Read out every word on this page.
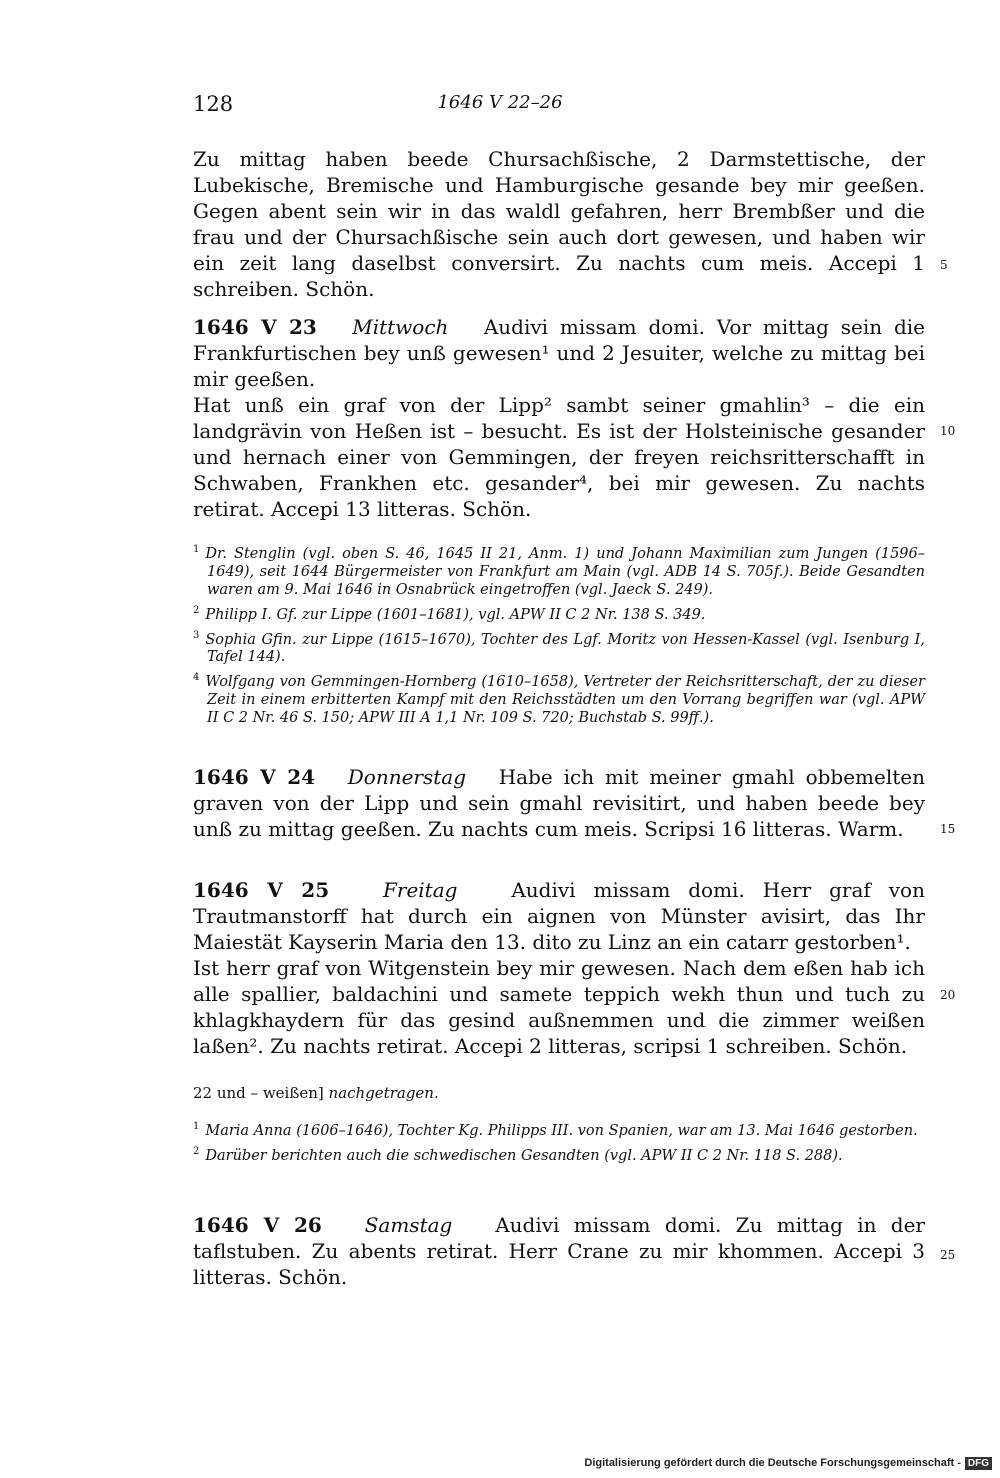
128	1646 V 22–26

Zu mittag haben beede Chursachßische, 2 Darmstettische, der Lubekische, Bremische und Hamburgische gesande bey mir geeßen. Gegen abent sein wir in das waldl gefahren, herr Brembßer und die frau und der Chursachßische sein auch dort gewesen, und haben wir ein zeit lang daselbst conversirt. Zu nachts cum meis. Accepi 1 schreiben. Schön.

1646 V 23 Mittwoch Audivi missam domi. Vor mittag sein die Frankfurtischen bey unß gewesen¹ und 2 Jesuiter, welche zu mittag bei mir geeßen.

Hat unß ein graf von der Lipp² sambt seiner gmahlin³ – die ein landgrävin von Heßen ist – besucht. Es ist der Holsteinische gesander und hernach einer von Gemmingen, der freyen reichsritterschafft in Schwaben, Frankhen etc. gesander⁴, bei mir gewesen. Zu nachts retirat. Accepi 13 litteras. Schön.

$^1$ Dr. Stenglin (vgl. oben S. 46, 1645 II 21, Anm. 1) und Johann Maximilian zum Jungen (1596–1649), seit 1644 Bürgermeister von Frankfurt am Main (vgl. ADB 14 S. 705f.). Beide Gesandten waren am 9. Mai 1646 in Osnabrück eingetroffen (vgl. Jaeck S. 249).

$^2$ Philipp I. Gf. zur Lippe (1601–1681), vgl. APW II C 2 Nr. 138 S. 349.

$^3$ Sophia Gfin. zur Lippe (1615–1670), Tochter des Lgf. Moritz von Hessen-Kassel (vgl. Isenburg I, Tafel 144).

$^4$ Wolfgang von Gemmingen-Hornberg (1610–1658), Vertreter der Reichsritterschaft, der zu dieser Zeit in einem erbitterten Kampf mit den Reichsstädten um den Vorrang begriffen war (vgl. APW II C 2 Nr. 46 S. 150; APW III A 1,1 Nr. 109 S. 720; Buchstab S. 99ff.).

1646 V 24 Donnerstag Habe ich mit meiner gmahl obbemelten graven von der Lipp und sein gmahl revisitirt, und haben beede bey unß zu mittag geeßen. Zu nachts cum meis. Scripsi 16 litteras. Warm.

1646 V 25	Freitag	Audivi missam domi. Herr graf von Trautmanstorff hat durch ein aignen von Münster avisirt, das Ihr Maiestät Kayserin Maria den 13. dito zu Linz an ein catarr gestorben¹.

Ist herr graf von Witgenstein bey mir gewesen. Nach dem eßen hab ich alle spallier, baldachini und samete teppich wekh thun und tuch zu khlagkhaydern für das gesind außnemmen und die zimmer weißen laßen². Zu nachts retirat. Accepi 2 litteras, scripsi 1 schreiben. Schön.

22 und – weißen] nachgetragen.

$^1$ Maria Anna (1606–1646), Tochter Kg. Philipps III. von Spanien, war am 13. Mai 1646 gestorben.

$^2$ Darüber berichten auch die schwedischen Gesandten (vgl. APW II C 2 Nr. 118 S. 288).

1646 V 26 Samstag Audivi missam domi. Zu mittag in der taflstuben. Zu abents retirat. Herr Crane zu mir khommen. Accepi 3 litteras. Schön.

5
10
15
20
25
Digitalisierung gefördert durch die Deutsche Forschungsgemeinschaft - DFG
